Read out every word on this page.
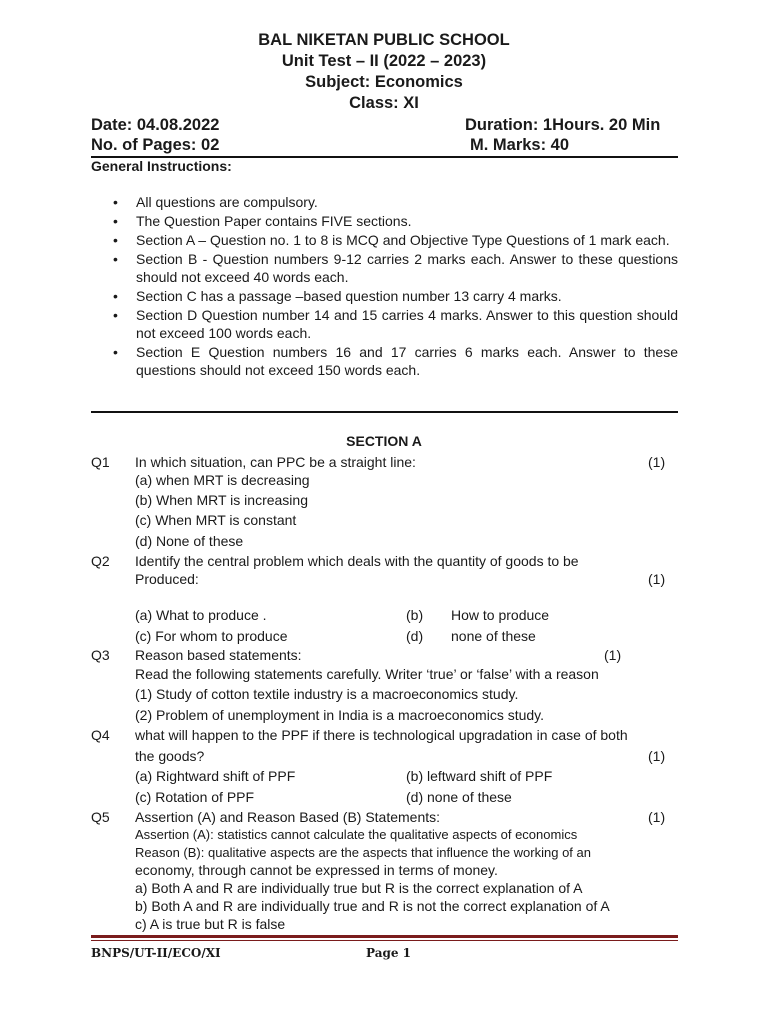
BAL NIKETAN PUBLIC SCHOOL
Unit Test – II (2022 – 2023)
Subject: Economics
Class: XI
Date: 04.08.2022	Duration: 1Hours. 20 Min
No. of Pages: 02	M. Marks: 40
General Instructions:
• All questions are compulsory.
• The Question Paper contains FIVE sections.
• Section A – Question no. 1 to 8 is MCQ and Objective Type Questions of 1 mark each.
• Section B - Question numbers 9-12 carries 2 marks each. Answer to these questions should not exceed 40 words each.
• Section C has a passage –based question number 13 carry 4 marks.
• Section D Question number 14 and 15 carries 4 marks. Answer to this question should not exceed 100 words each.
• Section E Question numbers 16 and 17 carries 6 marks each. Answer to these questions should not exceed 150 words each.
SECTION A
Q1 In which situation, can PPC be a straight line:	(1)
(a) when MRT is decreasing
(b) When MRT is increasing
(c) When MRT is constant
(d) None of these
Q2 Identify the central problem which deals with the quantity of goods to be
Produced:	(1)
(a) What to produce .	(b) How to produce
(c) For whom to produce	(d) none of these
Q3 Reason based statements:	(1)
Read the following statements carefully. Writer ‘true’ or ‘false’ with a reason
(1) Study of cotton textile industry is a macroeconomics study.
(2) Problem of unemployment in India is a macroeconomics study.
Q4 what will happen to the PPF if there is technological upgradation in case of both
the goods?	(1)
(a) Rightward shift of PPF	(b) leftward shift of PPF
(c) Rotation of PPF	(d) none of these
Q5 Assertion (A) and Reason Based (B) Statements:	(1)
Assertion (A): statistics cannot calculate the qualitative aspects of economics
Reason (B): qualitative aspects are the aspects that influence the working of an
economy, through cannot be expressed in terms of money.
a) Both A and R are individually true but R is the correct explanation of A
b) Both A and R are individually true and R is not the correct explanation of A
c) A is true but R is false
BNPS/UT-II/ECO/XI	Page 1
